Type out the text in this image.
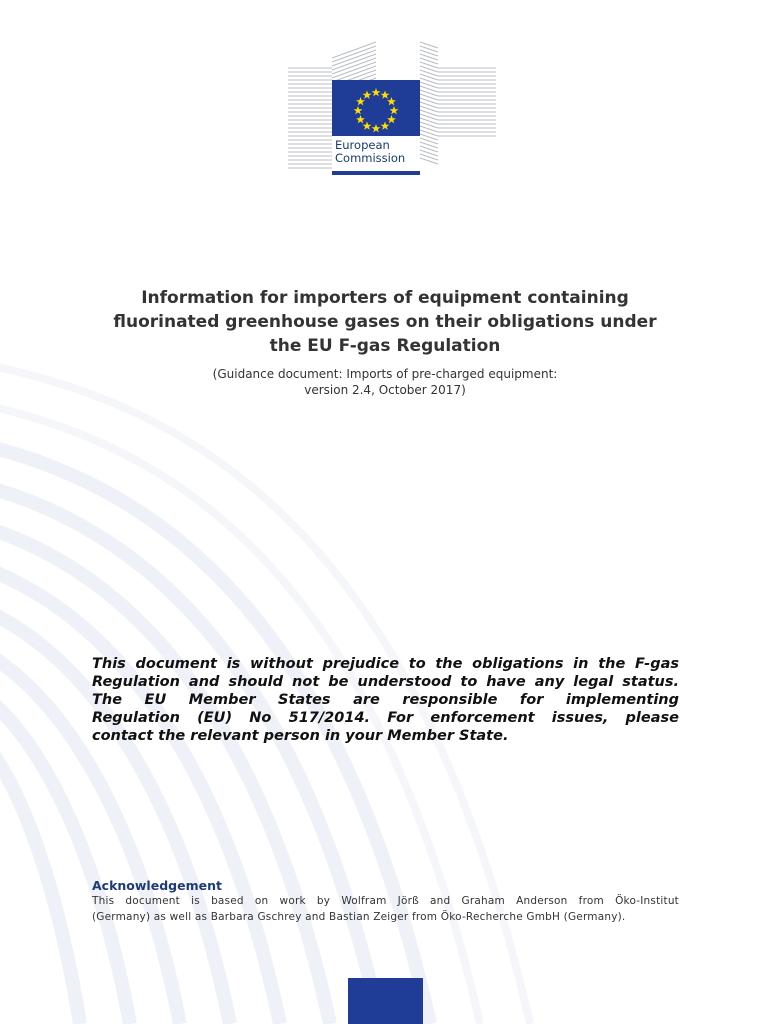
European
Commission
Information for importers of equipment containing
fluorinated greenhouse gases on their obligations under
the EU F-gas Regulation
(Guidance document: Imports of pre-charged equipment:
version 2.4, October 2017)
This document is without prejudice to the obligations in the F-gas
Regulation and should not be understood to have any legal status.
The EU Member States are responsible for implementing
Regulation (EU) No 517/2014. For enforcement issues, please
contact the relevant person in your Member State.
Acknowledgement
This document is based on work by Wolfram Jörß and Graham Anderson from Öko-Institut
(Germany) as well as Barbara Gschrey and Bastian Zeiger from Öko-Recherche GmbH (Germany).
